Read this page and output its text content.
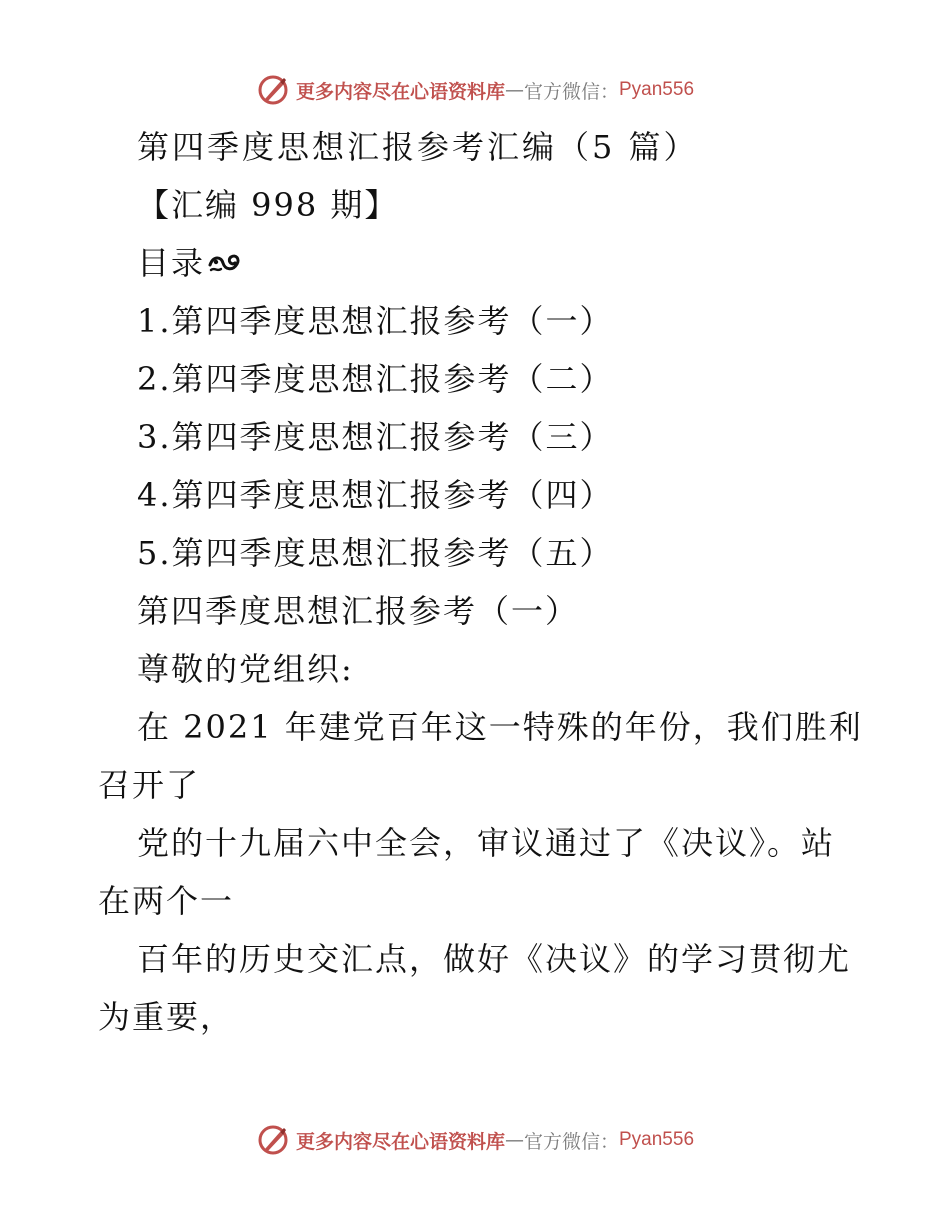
更多内容尽在心语资料库 — 官方微信： Pyan556
第四季度思想汇报参考汇编（5 篇）
【汇编 998 期】
目录
1.第四季度思想汇报参考（一）
2.第四季度思想汇报参考（二）
3.第四季度思想汇报参考（三）
4.第四季度思想汇报参考（四）
5.第四季度思想汇报参考（五）
第四季度思想汇报参考（一）
尊敬的党组织:
在 2021 年建党百年这一特殊的年份，我们胜利
召开了
党的十九届六中全会，审议通过了《决议》。站
在两个一
百年的历史交汇点，做好《决议》的学习贯彻尤
为重要，
更多内容尽在心语资料库 — 官方微信： Pyan556
